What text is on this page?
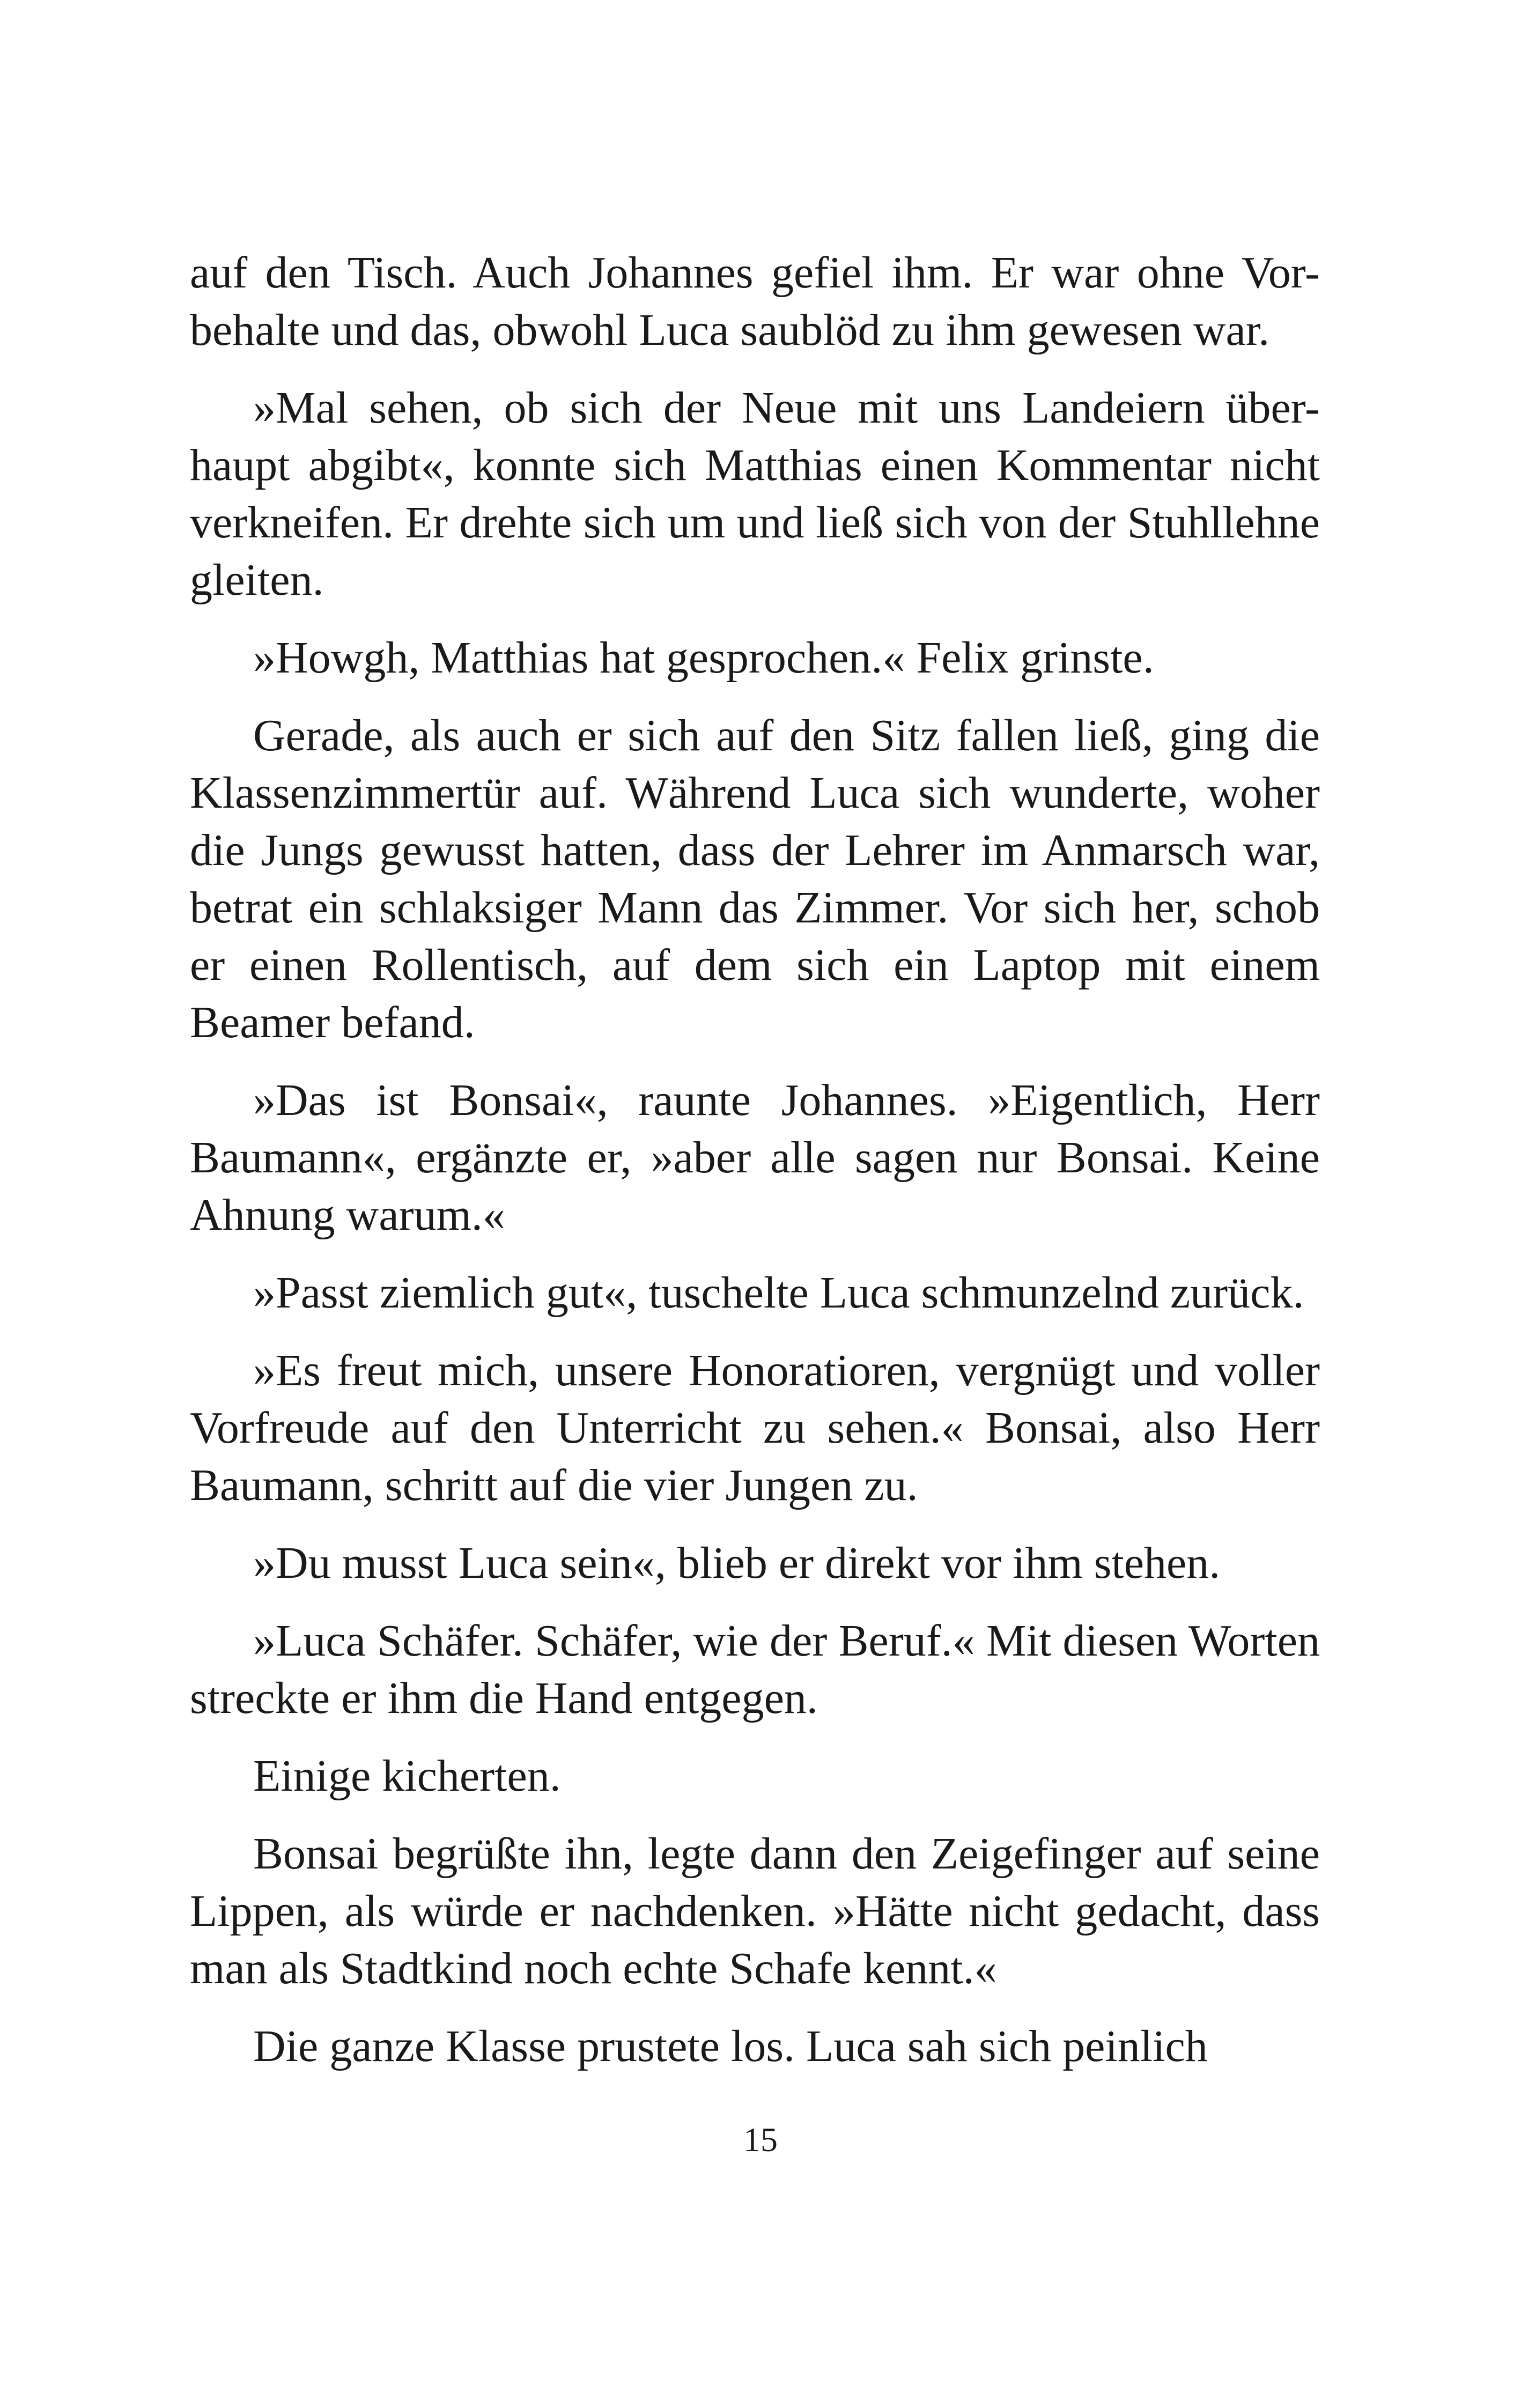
auf den Tisch. Auch Johannes gefiel ihm. Er war ohne Vor-behalte und das, obwohl Luca saublöd zu ihm gewesen war.

»Mal sehen, ob sich der Neue mit uns Landeiern über-haupt abgibt«, konnte sich Matthias einen Kommentar nicht verkneifen. Er drehte sich um und ließ sich von der Stuhllehne gleiten.

»Howgh, Matthias hat gesprochen.« Felix grinste.

Gerade, als auch er sich auf den Sitz fallen ließ, ging die Klassenzimmertür auf. Während Luca sich wunderte, woher die Jungs gewusst hatten, dass der Lehrer im Anmarsch war, betrat ein schlaksiger Mann das Zimmer. Vor sich her, schob er einen Rollentisch, auf dem sich ein Laptop mit einem Beamer befand.

»Das ist Bonsai«, raunte Johannes. »Eigentlich, Herr Baumann«, ergänzte er, »aber alle sagen nur Bonsai. Keine Ahnung warum.«

»Passt ziemlich gut«, tuschelte Luca schmunzelnd zurück.

»Es freut mich, unsere Honoratioren, vergnügt und voller Vorfreude auf den Unterricht zu sehen.« Bonsai, also Herr Baumann, schritt auf die vier Jungen zu.

»Du musst Luca sein«, blieb er direkt vor ihm stehen.

»Luca Schäfer. Schäfer, wie der Beruf.« Mit diesen Worten streckte er ihm die Hand entgegen.

Einige kicherten.

Bonsai begrüßte ihn, legte dann den Zeigefinger auf seine Lippen, als würde er nachdenken. »Hätte nicht gedacht, dass man als Stadtkind noch echte Schafe kennt.«

Die ganze Klasse prustete los. Luca sah sich peinlich

15
